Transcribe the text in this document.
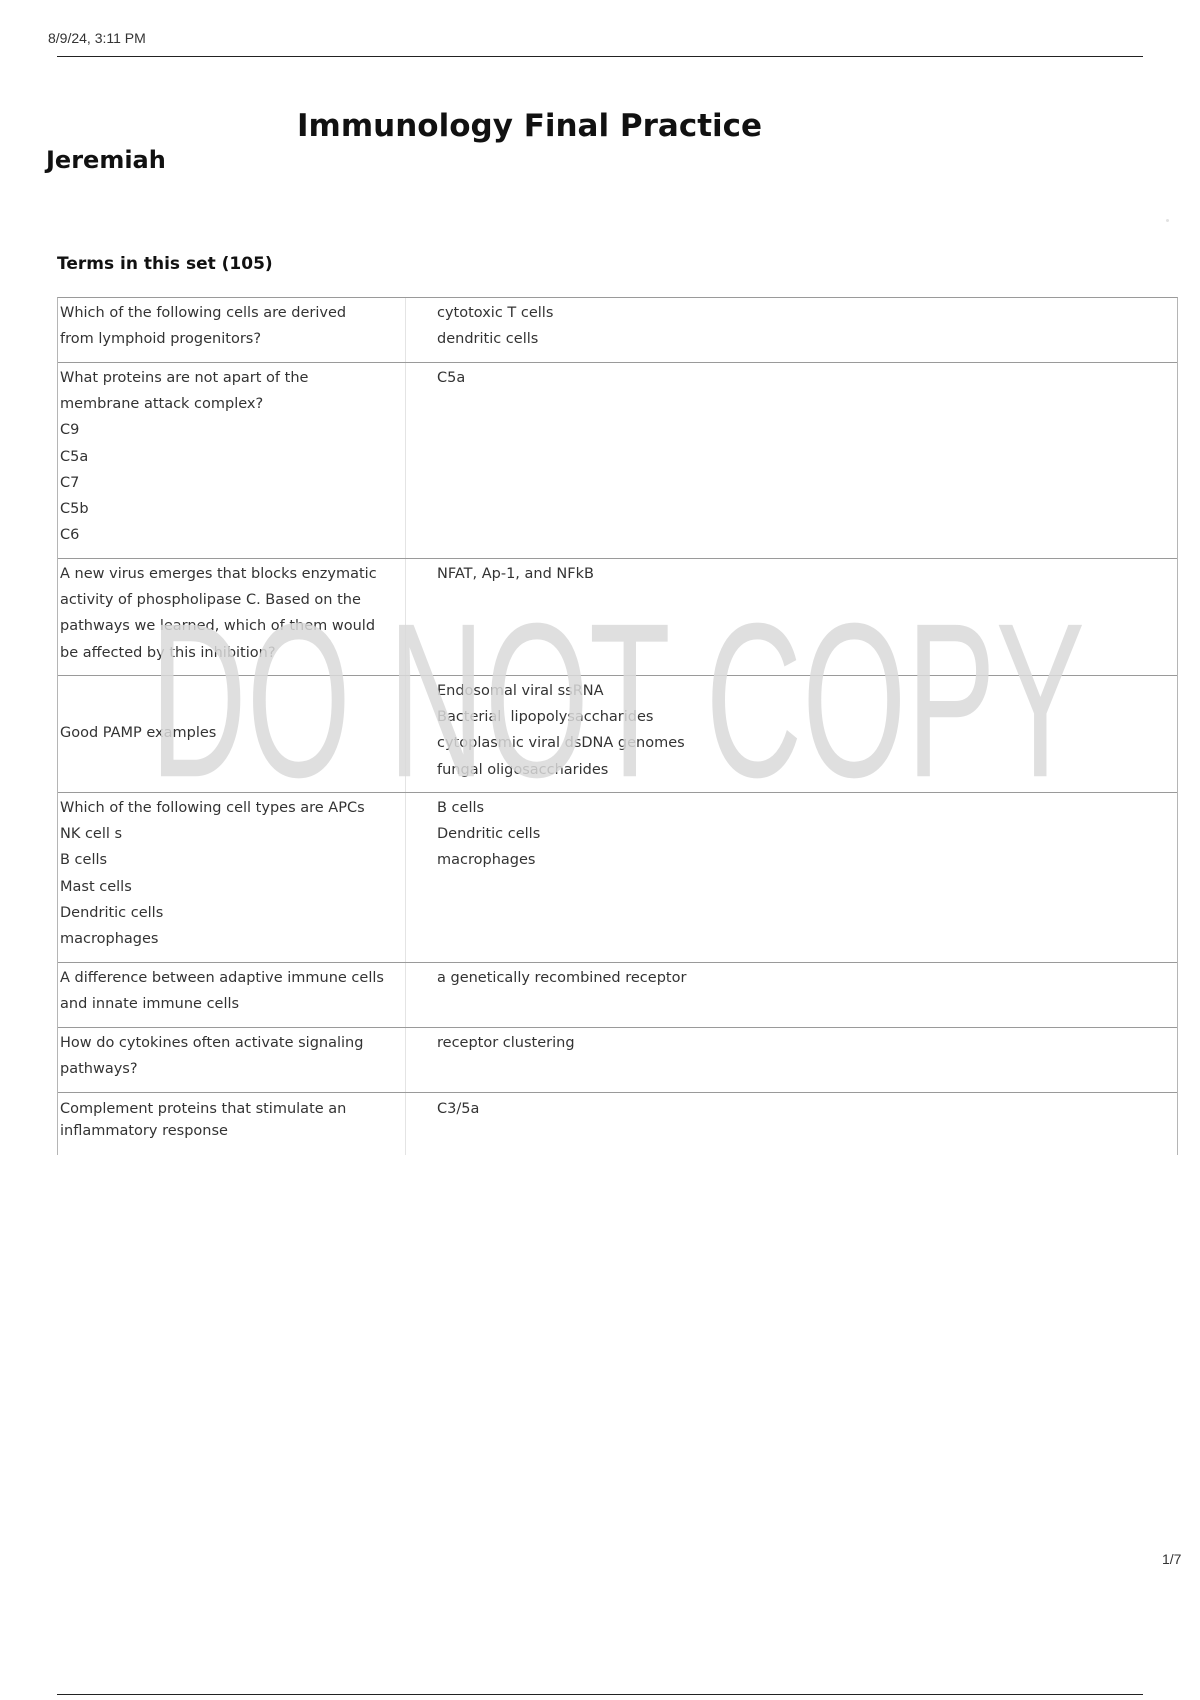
8/9/24, 3:11 PM
Immunology Final Practice
Jeremiah
Terms in this set (105)
Which of the following cells are derived
from lymphoid progenitors?
cytotoxic T cells
dendritic cells
What proteins are not apart of the
membrane attack complex?
C9
C5a
C7
C5b
C6
C5a
A new virus emerges that blocks enzymatic
activity of phospholipase C. Based on the
pathways we learned, which of them would
be affected by this inhibition?
NFAT, Ap-1, and NFkB
Good PAMP examples
Endosomal viral ssRNA
Bacterial  lipopolysaccharides
cytoplasmic viral dsDNA genomes
fungal oligosaccharides
Which of the following cell types are APCs
NK cell s
B cells
Mast cells
Dendritic cells
macrophages
B cells
Dendritic cells
macrophages
A difference between adaptive immune cells
and innate immune cells
a genetically recombined receptor
How do cytokines often activate signaling
pathways?
receptor clustering
Complement proteins that stimulate an
inflammatory response
C3/5a
DO NOT COPY
1/7
